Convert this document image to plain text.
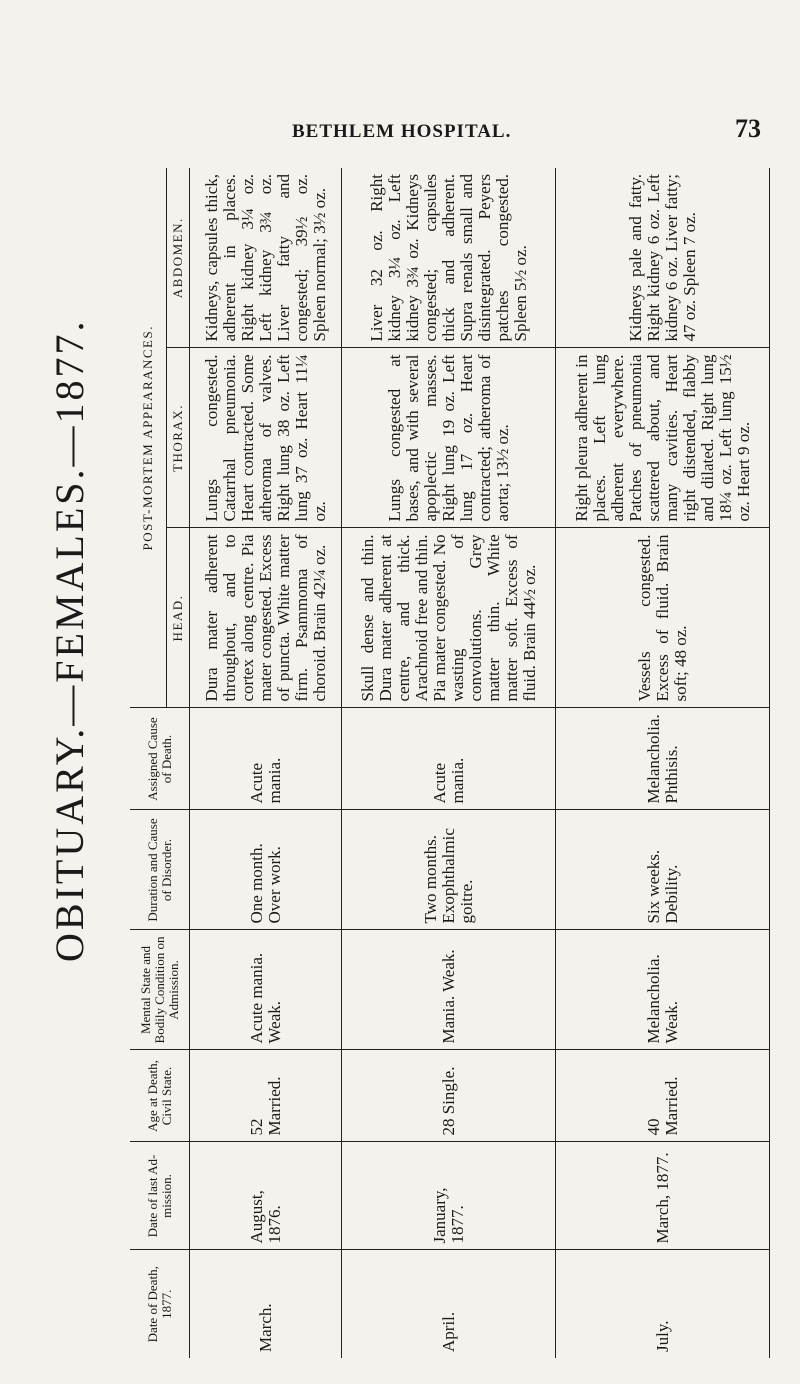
BETHLEM HOSPITAL.	73
OBITUARY.—FEMALES.—1877.
Date of Death, 1877.	Date of last Ad-mission.	Age at Death, Civil State.	Mental State and Bodily Condition on Admission.	Duration and Cause of Disorder.	Assigned Cause of Death.	POST-MORTEM APPEARANCES.		
						HEAD.	THORAX.	ABDOMEN.
March.	August, 1876.	52 Married.	Acute mania. Weak.	One month. Over work.	Acute mania.	Dura mater adherent throughout, and to cortex along centre. Pia mater congested. Excess of puncta. White matter firm. Psammoma of choroid. Brain 42¼ oz.	Lungs congested. Catarrhal pneumonia. Heart contracted. Some atheroma of valves. Right lung 38 oz. Left lung 37 oz. Heart 11¼ oz.	Kidneys, capsules thick, adherent in places. Right kidney 3¼ oz. Left kidney 3¾ oz. Liver fatty and congested; 39½ oz. Spleen normal; 3½ oz.
April.	January, 1877.	28 Single.	Mania. Weak.	Two months. Exophthalmic goitre.	Acute mania.	Skull dense and thin. Dura mater adherent at centre, and thick. Arachnoid free and thin. Pia mater congested. No wasting of convolutions. Grey matter thin. White matter soft. Excess of fluid. Brain 44½ oz.	Lungs congested at bases, and with several apoplectic masses. Right lung 19 oz. Left lung 17 oz. Heart contracted; atheroma of aorta; 13½ oz.	Liver 32 oz. Right kidney 3¼ oz. Left kidney 3¾ oz. Kidneys congested; capsules thick and adherent. Supra renals small and disintegrated. Peyers patches congested. Spleen 5½ oz.
July.	March, 1877.	40 Married.	Melancholia. Weak.	Six weeks. Debility.	Melancholia. Phthisis.	Vessels congested. Excess of fluid. Brain soft; 48 oz.	Right pleura adherent in places. Left lung adherent everywhere. Patches of pneumonia scattered about, and many cavities. Heart right distended, flabby and dilated. Right lung 18¼ oz. Left lung 15½ oz. Heart 9 oz.	Kidneys pale and fatty. Right kidney 6 oz. Left kidney 6 oz. Liver fatty; 47 oz. Spleen 7 oz.
